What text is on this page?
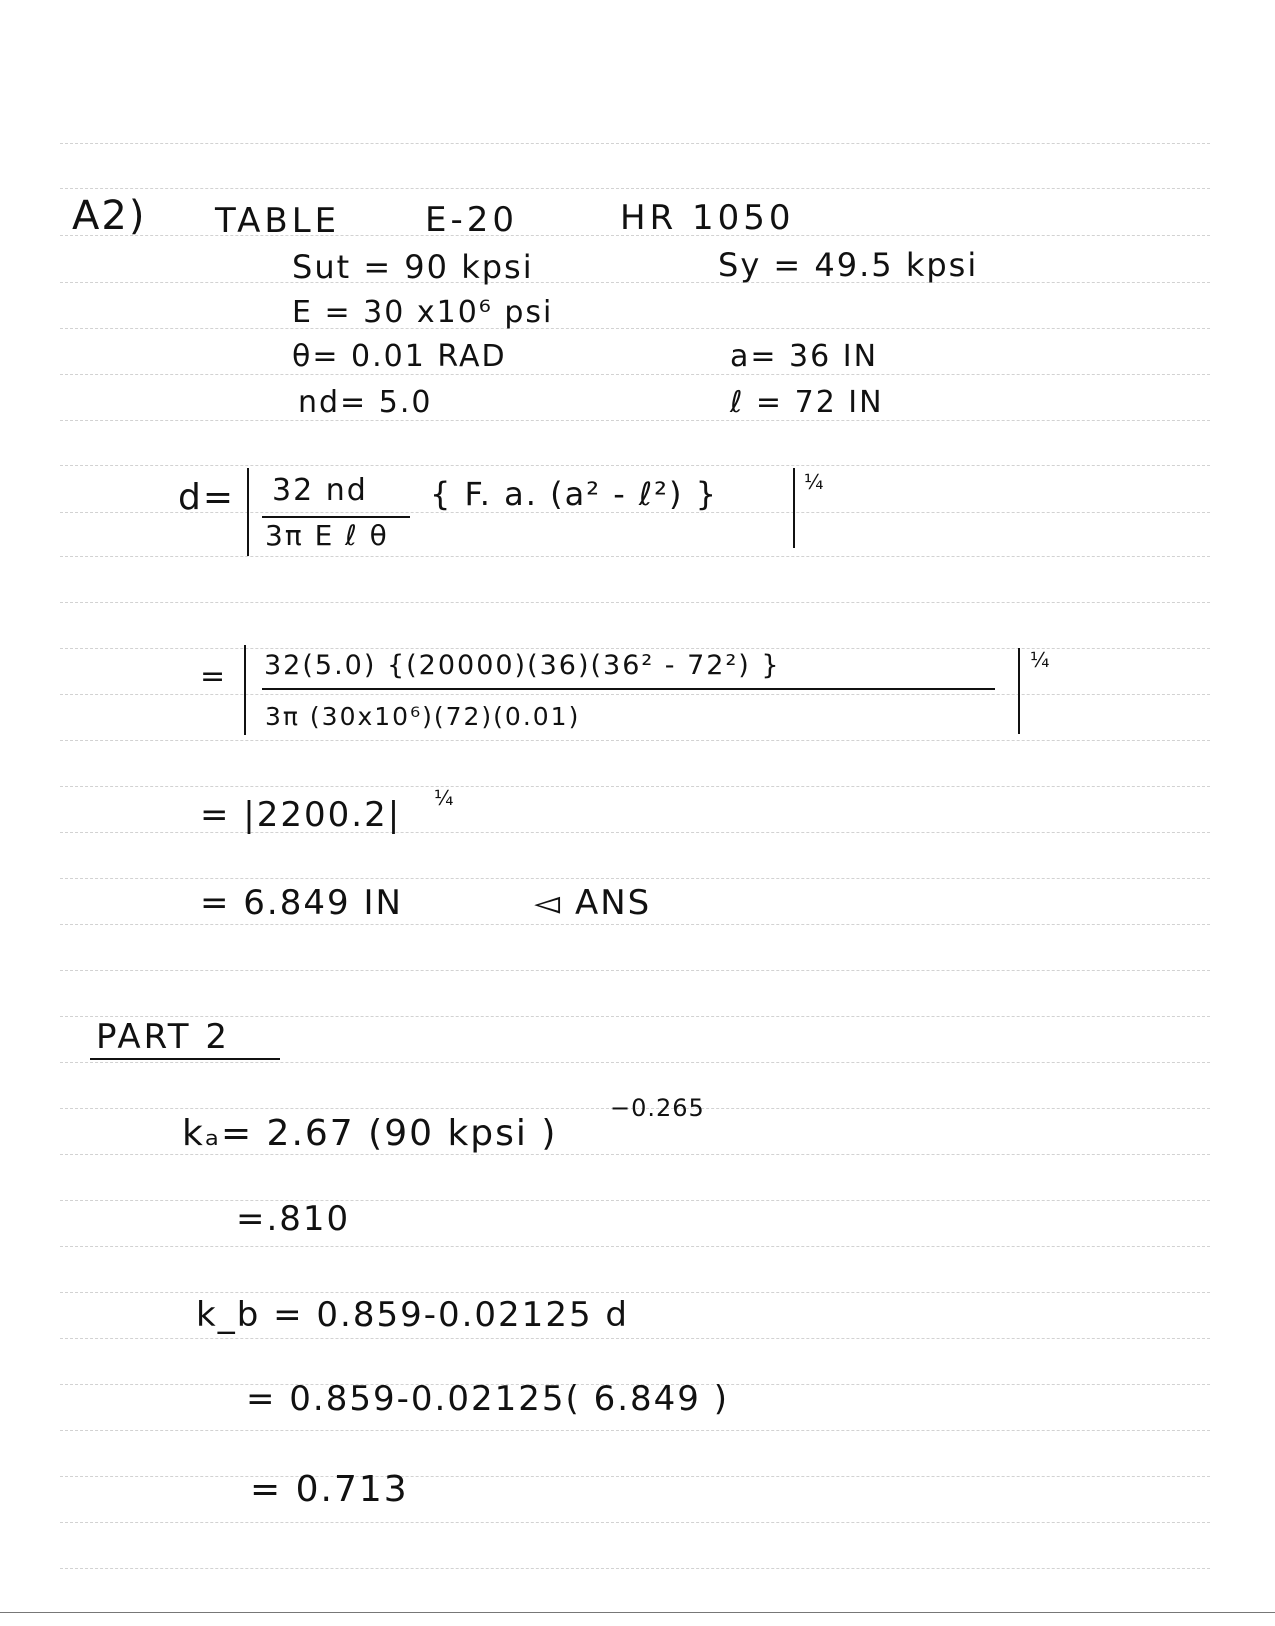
A2) TABLE E-20	HR 1050
Sut = 90 kpsi	Sy = 49.5 kpsi
E = 30 x10⁶ psi
θ= 0.01 RAD	a= 36 IN
nd= 5.0	ℓ = 72 IN
d= 32 nd
3π E ℓ θ
{ F. a. (a² - ℓ²) }	¼
= 32(5.0) {(20000)(36)(36² - 72²) }
3π (30x10⁶)(72)(0.01)
¼
= |2200.2| ¼
= 6.849 IN	◅ ANS
PART 2
kₐ= 2.67 (90 kpsi )
−0.265
=.810
k_b = 0.859-0.02125 d
= 0.859-0.02125( 6.849 )
= 0.713
